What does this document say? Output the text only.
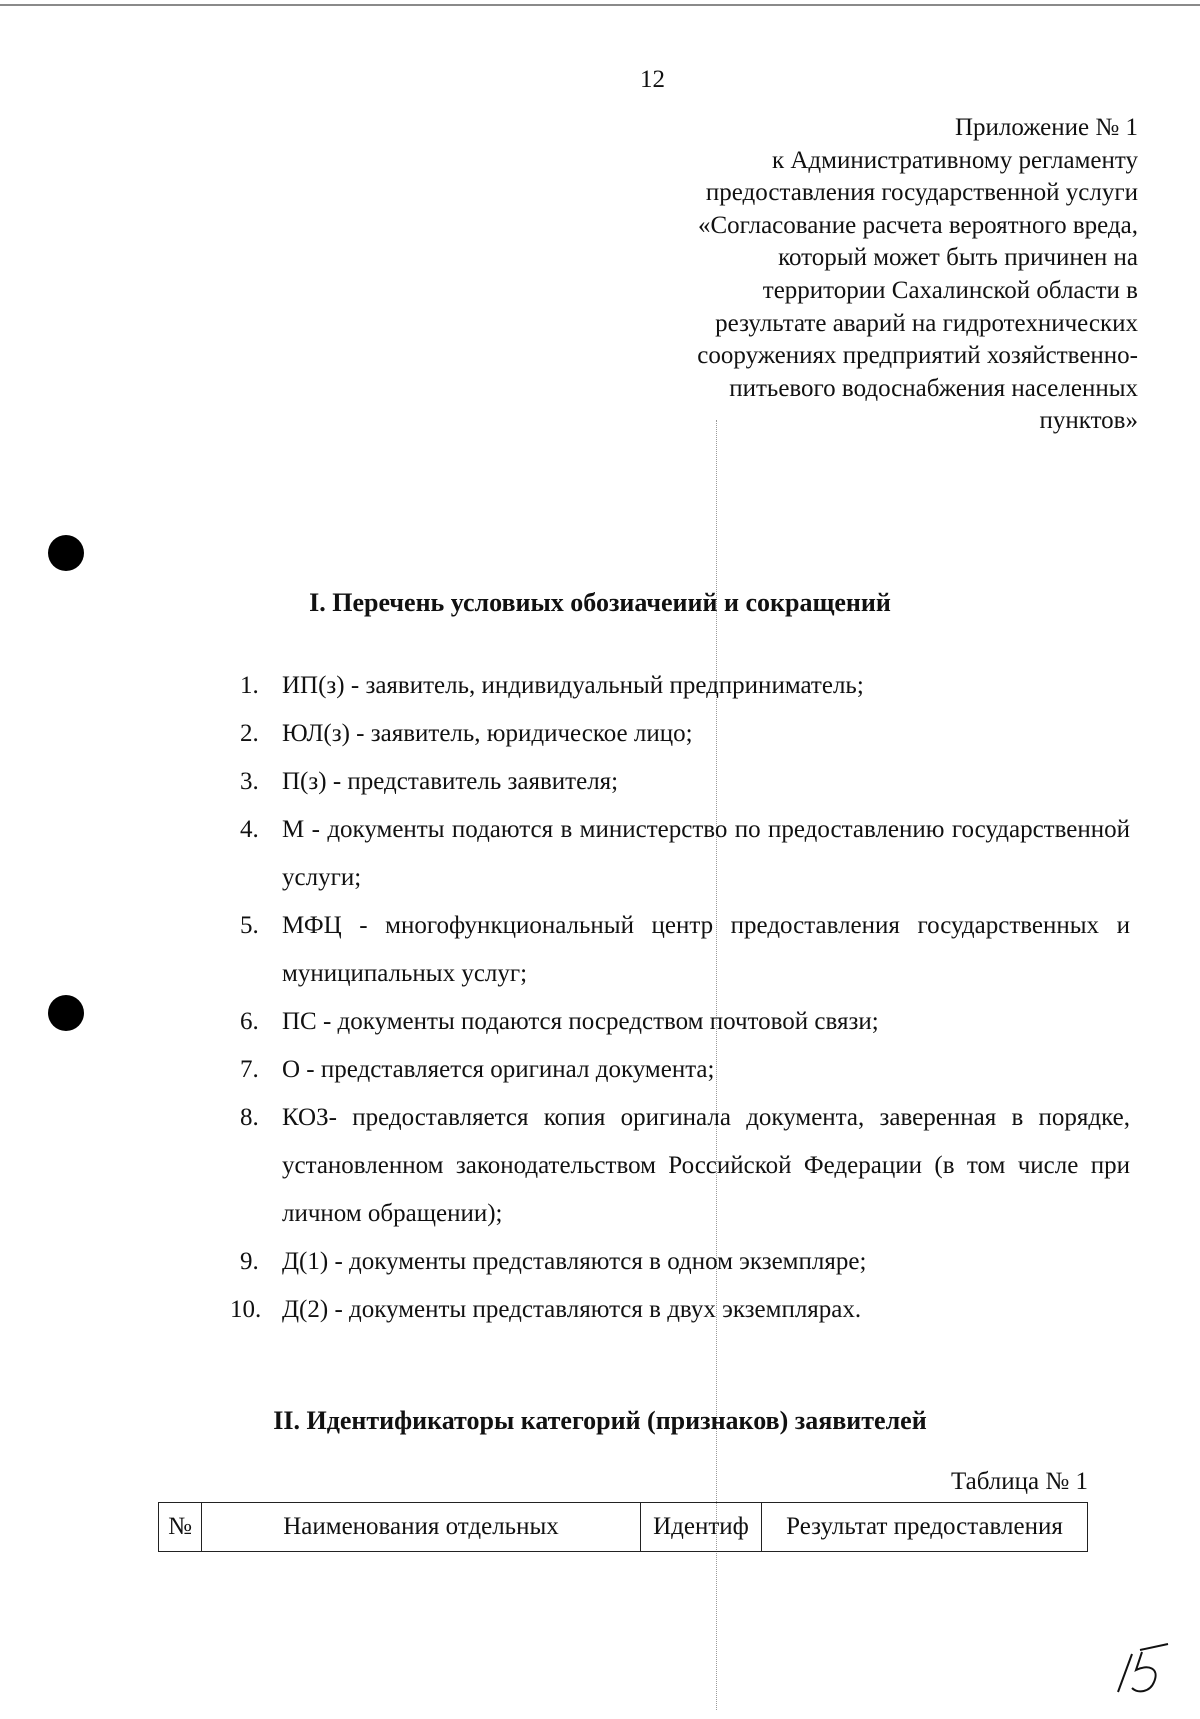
12
Приложение № 1
к Административному регламенту
предоставления государственной услуги
«Согласование расчета вероятного вреда,
который может быть причинен на
территории Сахалинской области в
результате аварий на гидротехнических
сооружениях предприятий хозяйственно-
питьевого водоснабжения населенных
пунктов»
I. Перечень условиых обозиачеиий и сокращений
1. ИП(з) - заявитель, индивидуальный предприниматель;
2. ЮЛ(з) - заявитель, юридическое лицо;
3. П(з) - представитель заявителя;
4. М - документы подаются в министерство по предоставлению государственной услуги;
5. МФЦ - многофункциональный центр предоставления государственных и муниципальных услуг;
6. ПС - документы подаются посредством почтовой связи;
7. О - представляется оригинал документа;
8. КОЗ- предоставляется копия оригинала документа, заверенная в порядке, установленном законодательством Российской Федерации (в том числе при личном обращении);
9. Д(1) - документы представляются в одном экземпляре;
10. Д(2) - документы представляются в двух экземплярах.
II. Идентификаторы категорий (признаков) заявителей
Таблица № 1
№	Наименования отдельных	Идентиф	Результат предоставления
